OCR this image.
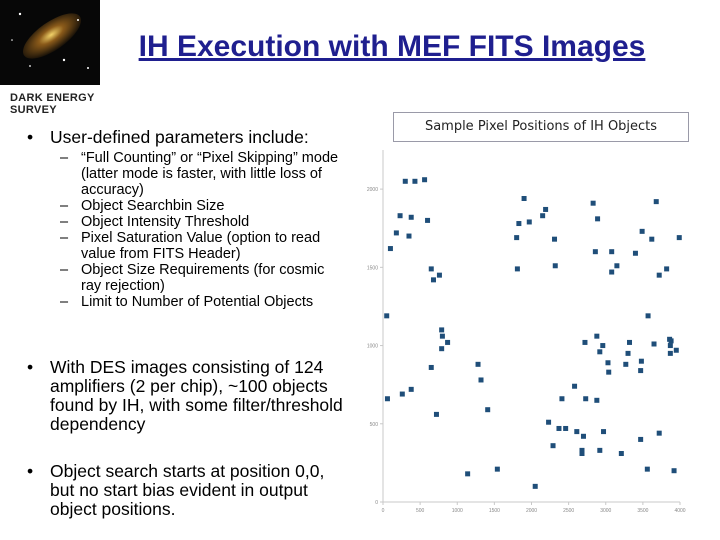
DARK ENERGY
SURVEY
IH Execution with MEF FITS Images
• User-defined parameters include:
– “Full Counting” or “Pixel Skipping” mode (latter mode is faster, with little loss of accuracy)
– Object Searchbin Size
– Object Intensity Threshold
– Pixel Saturation Value (option to read value from FITS Header)
– Object Size Requirements (for cosmic ray rejection)
– Limit to Number of Potential Objects
• With DES images consisting of 124 amplifiers (2 per chip), ~100 objects found by IH, with some filter/threshold dependency
• Object search starts at position 0,0, but no start bias evident in output object positions.	0
500
1000
1500
2000
0	500	1000	1500	2000	2500	3000	3500	4000
Sample Pixel Positions of IH Objects
